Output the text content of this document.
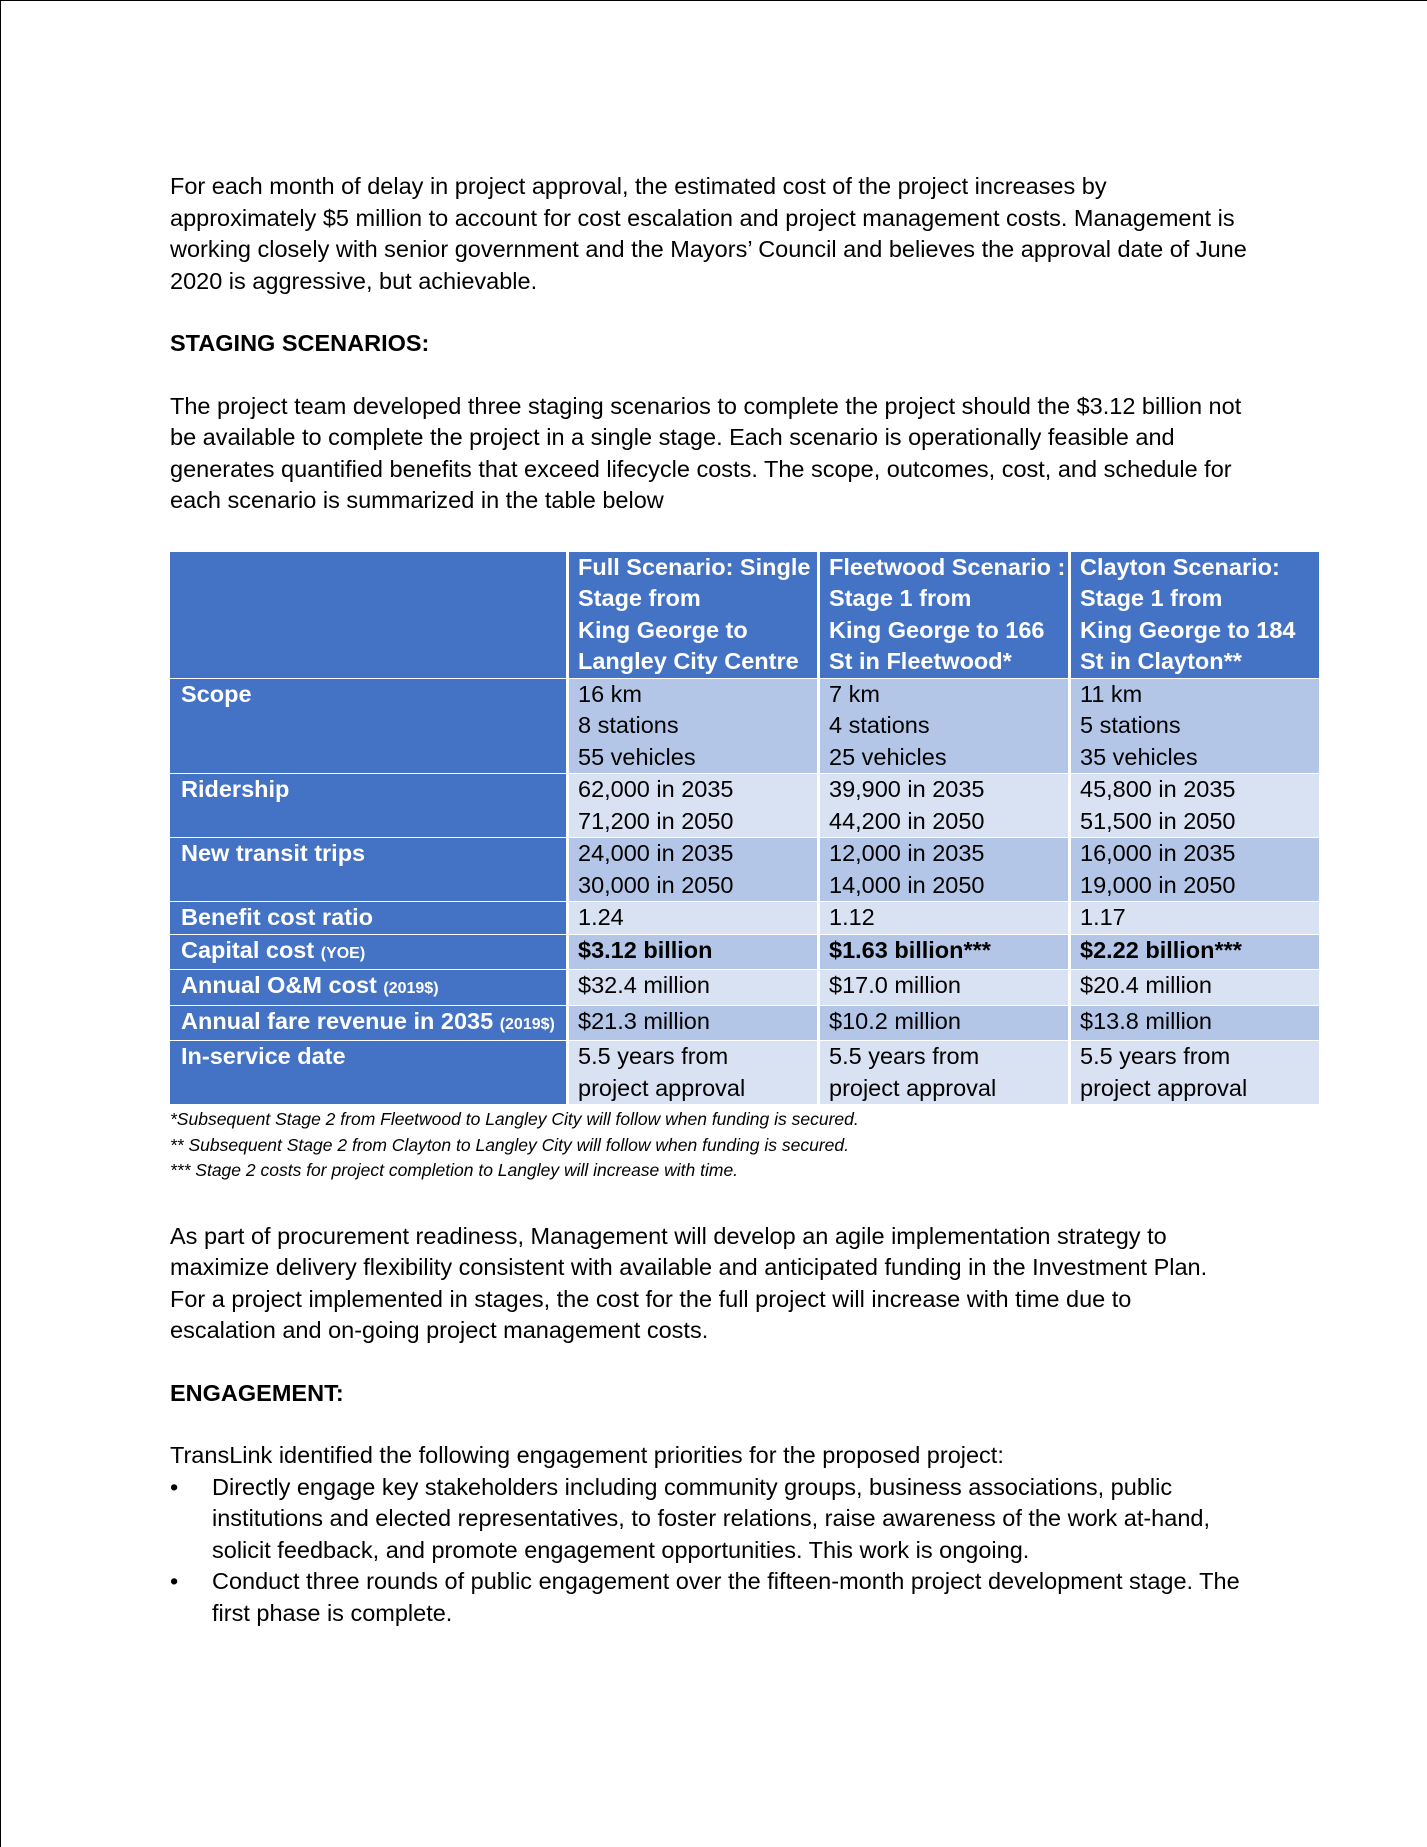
For each month of delay in project approval, the estimated cost of the project increases by
approximately $5 million to account for cost escalation and project management costs. Management is
working closely with senior government and the Mayors’ Council and believes the approval date of June
2020 is aggressive, but achievable.

STAGING SCENARIOS:

The project team developed three staging scenarios to complete the project should the $3.12 billion not
be available to complete the project in a single stage. Each scenario is operationally feasible and
generates quantified benefits that exceed lifecycle costs. The scope, outcomes, cost, and schedule for
each scenario is summarized in the table below

	Full Scenario: Single
Stage from
King George to
Langley City Centre	Fleetwood Scenario :
Stage 1 from
King George to 166
St in Fleetwood*	Clayton Scenario:
Stage 1 from
King George to 184
St in Clayton**

Scope	16 km
8 stations
55 vehicles	7 km
4 stations
25 vehicles	11 km
5 stations
35 vehicles

Ridership	62,000 in 2035
71,200 in 2050	39,900 in 2035
44,200 in 2050	45,800 in 2035
51,500 in 2050

New transit trips	24,000 in 2035
30,000 in 2050	12,000 in 2035
14,000 in 2050	16,000 in 2035
19,000 in 2050

Benefit cost ratio	1.24	1.12	1.17

Capital cost (YOE)	$3.12 billion	$1.63 billion***	$2.22 billion***

Annual O&M cost (2019$)	$32.4 million	$17.0 million	$20.4 million

Annual fare revenue in 2035 (2019$)	$21.3 million	$10.2 million	$13.8 million

In-service date	5.5 years from
project approval	5.5 years from
project approval	5.5 years from
project approval
*Subsequent Stage 2 from Fleetwood to Langley City will follow when funding is secured.
** Subsequent Stage 2 from Clayton to Langley City will follow when funding is secured.
*** Stage 2 costs for project completion to Langley will increase with time.

As part of procurement readiness, Management will develop an agile implementation strategy to
maximize delivery flexibility consistent with available and anticipated funding in the Investment Plan.
For a project implemented in stages, the cost for the full project will increase with time due to
escalation and on-going project management costs.

ENGAGEMENT:

TransLink identified the following engagement priorities for the proposed project:

• Directly engage key stakeholders including community groups, business associations, public
institutions and elected representatives, to foster relations, raise awareness of the work at-hand,
solicit feedback, and promote engagement opportunities. This work is ongoing.
• Conduct three rounds of public engagement over the fifteen-month project development stage. The
first phase is complete.
